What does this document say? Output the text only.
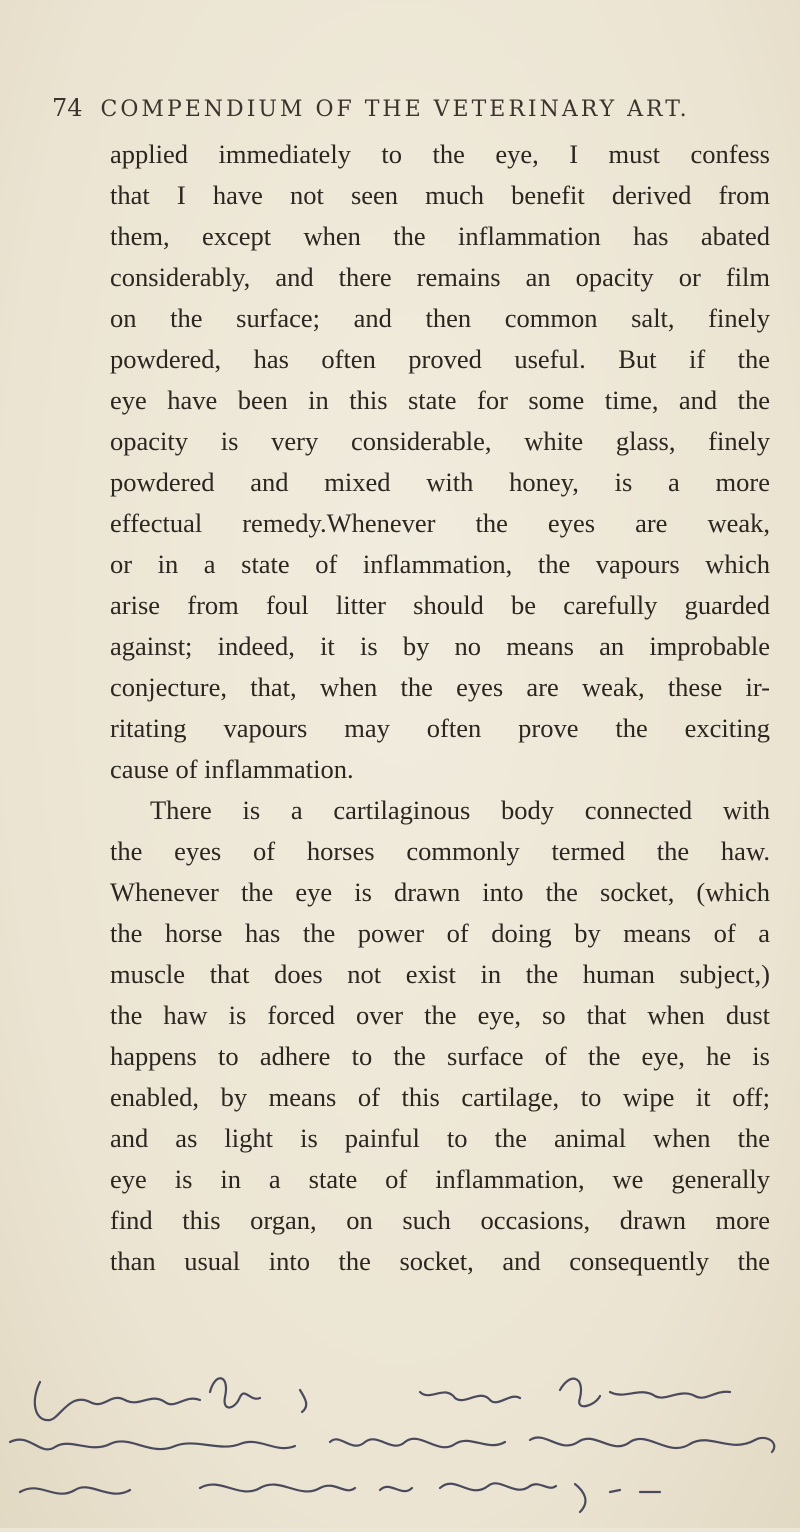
74 COMPENDIUM OF THE VETERINARY ART.
applied immediately to the eye, I must confess
that I have not seen much benefit derived from
them, except when the inflammation has abated
considerably, and there remains an opacity or film
on the surface; and then common salt, finely
powdered, has often proved useful. But if the
eye have been in this state for some time, and the
opacity is very considerable, white glass, finely
powdered and mixed with honey, is a more
effectual remedy.Whenever the eyes are weak,
or in a state of inflammation, the vapours which
arise from foul litter should be carefully guarded
against; indeed, it is by no means an improbable
conjecture, that, when the eyes are weak, these ir-
ritating vapours may often prove the exciting
cause of inflammation.
There is a cartilaginous body connected with
the eyes of horses commonly termed the haw.
Whenever the eye is drawn into the socket, (which
the horse has the power of doing by means of a
muscle that does not exist in the human subject,)
the haw is forced over the eye, so that when dust
happens to adhere to the surface of the eye, he is
enabled, by means of this cartilage, to wipe it off;
and as light is painful to the animal when the
eye is in a state of inflammation, we generally
find this organ, on such occasions, drawn more
than usual into the socket, and consequently the
